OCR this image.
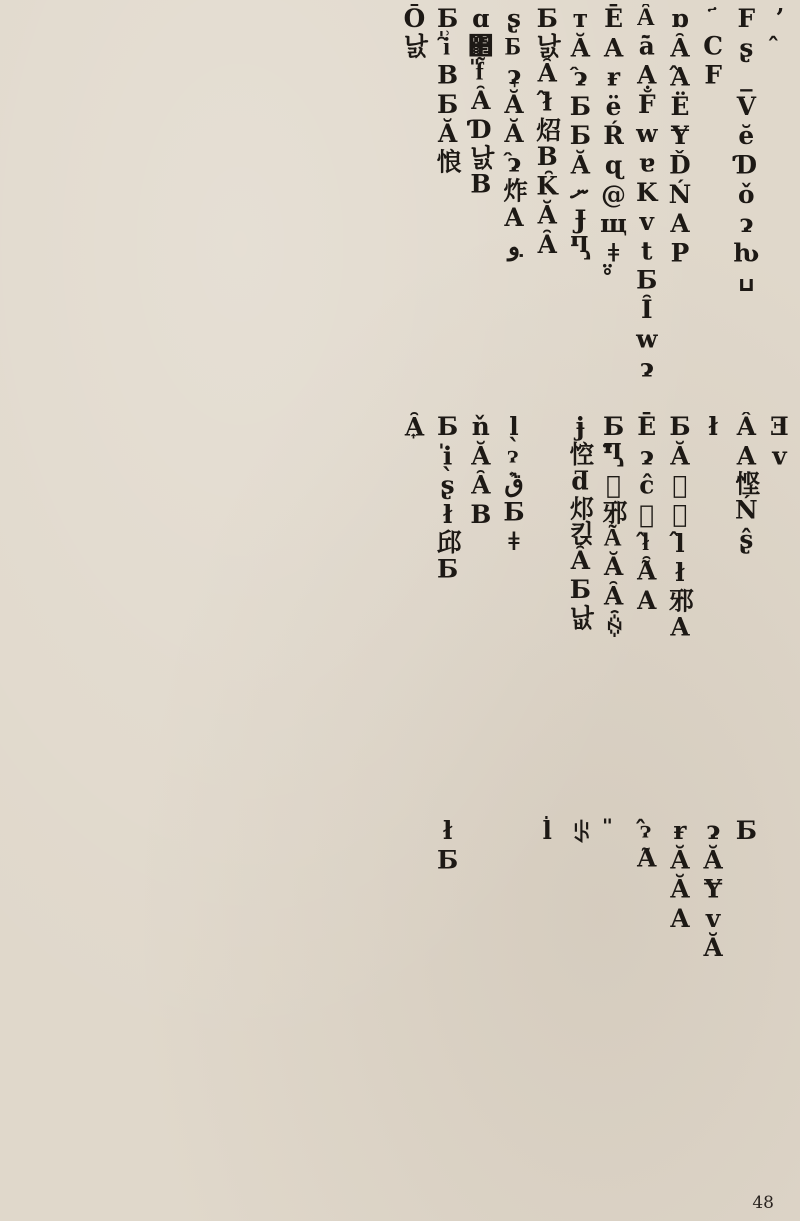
ʼ̂
Fʂ_VĕƊǒɂƕߎ
҃CF
ɒȂ̂AËɎĎŃAP
Ȃ͂āAF̐wɐKvtƂȊwɂ
ĒAɍёŔɋ@щǂ̊̈
тĂ̂ɂƂƂĂނɈႢ
Ƃ낤Ȃ̂ł炤BK̑ĂȂ
ʂƂ͉ɂĂĂ̂ɂ炸Aو݂
ɑ΂̎f͂ȂƊ낤B
Ƃ̑̍i͗BƂĂ悢
Ō낤
Ǝv
ÂA悭Ńʂ̂
ł
ƂĂ鎖͖̂lł邪A
Ēɂĉ悵̂ł͂ȂA
Ƃ̈Ⴂ͂邪A͂ĂȂꍇ
ɉ悾ƌ邩킩ȂƂ낪
l̖ɂ͐̈قƂǂ
ňĂȂB
Ƃ̍i̖ʂł邱Ƃ
͎Ȃ
Ƃ
ɂĂɎvĂ
ɍĂĂA
̂ɂ͂A
̎
ꂪ
l̍
łƂ
48
